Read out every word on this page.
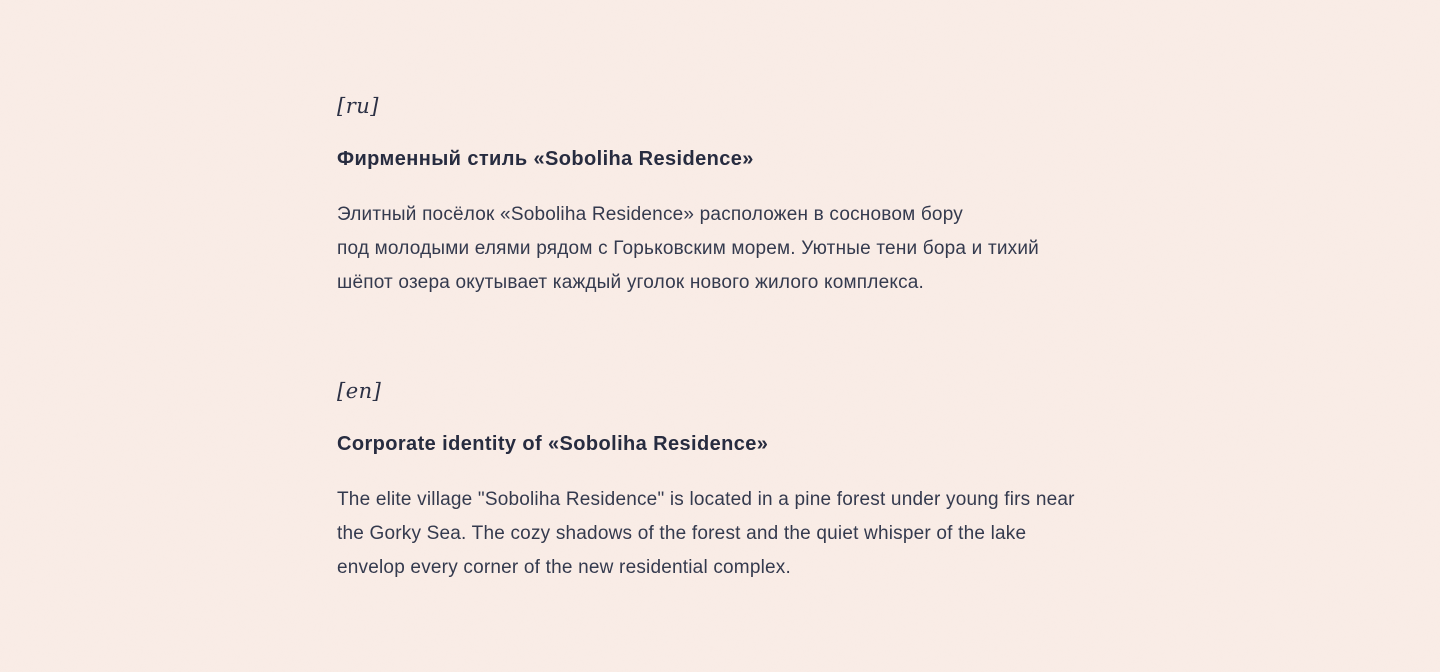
[ru]
Фирменный стиль «Soboliha Residence»

Элитный посёлок «Soboliha Residence» расположен в сосновом бору
под молодыми елями рядом с Горьковским морем. Уютные тени бора и тихий
шёпот озера окутывает каждый уголок нового жилого комплекса.

[en]
Corporate identity of «Soboliha Residence»

The elite village "Soboliha Residence" is located in a pine forest under young firs near
the Gorky Sea. The cozy shadows of the forest and the quiet whisper of the lake
envelop every corner of the new residential complex.
